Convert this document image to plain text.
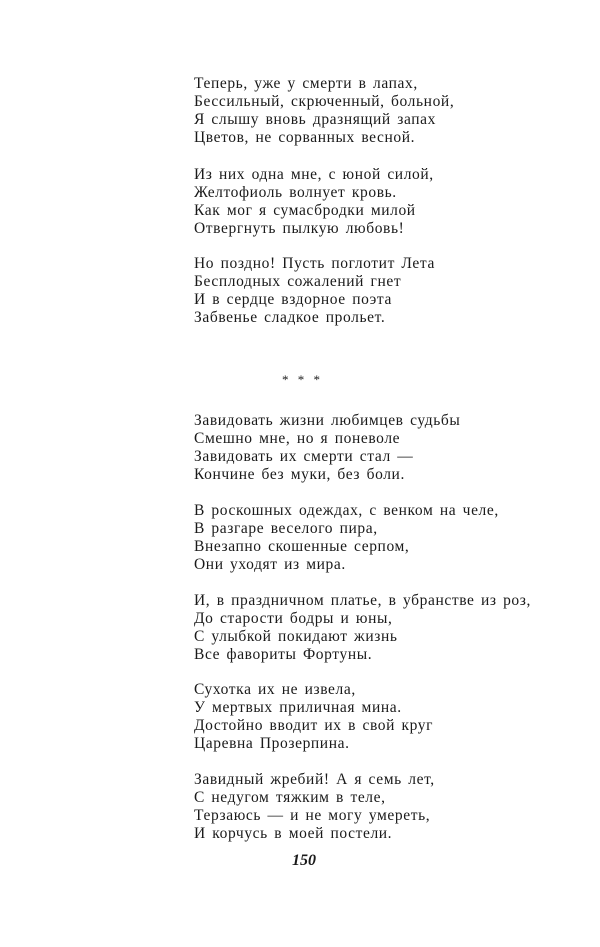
Теперь, уже у смерти в лапах,
Бессильный, скрюченный, больной,
Я слышу вновь дразнящий запах
Цветов, не сорванных весной.
Из них одна мне, с юной силой,
Желтофиоль волнует кровь.
Как мог я сумасбродки милой
Отвергнуть пылкую любовь!
Но поздно! Пусть поглотит Лета
Бесплодных сожалений гнет
И в сердце вздорное поэта
Забвенье сладкое прольет.
* * *
Завидовать жизни любимцев судьбы
Смешно мне, но я поневоле
Завидовать их смерти стал —
Кончине без муки, без боли.
В роскошных одеждах, с венком на челе,
В разгаре веселого пира,
Внезапно скошенные серпом,
Они уходят из мира.
И, в праздничном платье, в убранстве из роз,
До старости бодры и юны,
С улыбкой покидают жизнь
Все фавориты Фортуны.
Сухотка их не извела,
У мертвых приличная мина.
Достойно вводит их в свой круг
Царевна Прозерпина.
Завидный жребий! А я семь лет,
С недугом тяжким в теле,
Терзаюсь — и не могу умереть,
И корчусь в моей постели.
150
